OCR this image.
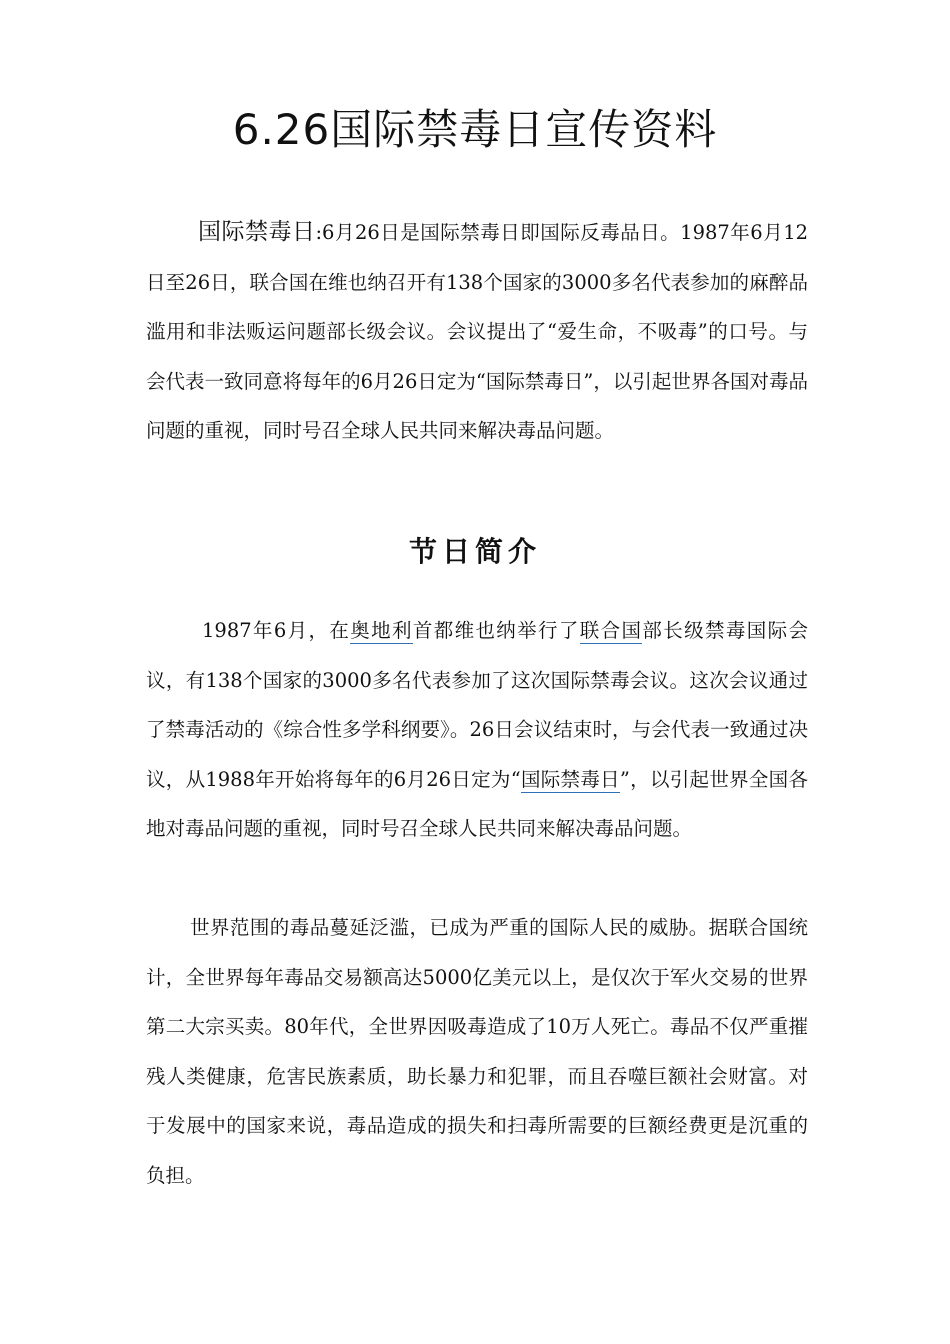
6.26国际禁毒日宣传资料

国际禁毒日:6月26日是国际禁毒日即国际反毒品日。1987年6月12日至26日，联合国在维也纳召开有138个国家的3000多名代表参加的麻醉品滥用和非法贩运问题部长级会议。会议提出了“爱生命，不吸毒”的口号。与会代表一致同意将每年的6月26日定为“国际禁毒日”，以引起世界各国对毒品问题的重视，同时号召全球人民共同来解决毒品问题。

节日简介

1987年6月，在奥地利首都维也纳举行了联合国部长级禁毒国际会议，有138个国家的3000多名代表参加了这次国际禁毒会议。这次会议通过了禁毒活动的《综合性多学科纲要》。26日会议结束时，与会代表一致通过决议，从1988年开始将每年的6月26日定为“国际禁毒日”，以引起世界全国各地对毒品问题的重视，同时号召全球人民共同来解决毒品问题。

世界范围的毒品蔓延泛滥，已成为严重的国际人民的威胁。据联合国统计，全世界每年毒品交易额高达5000亿美元以上，是仅次于军火交易的世界第二大宗买卖。80年代，全世界因吸毒造成了10万人死亡。毒品不仅严重摧残人类健康，危害民族素质，助长暴力和犯罪，而且吞噬巨额社会财富。对于发展中的国家来说，毒品造成的损失和扫毒所需要的巨额经费更是沉重的负担。
